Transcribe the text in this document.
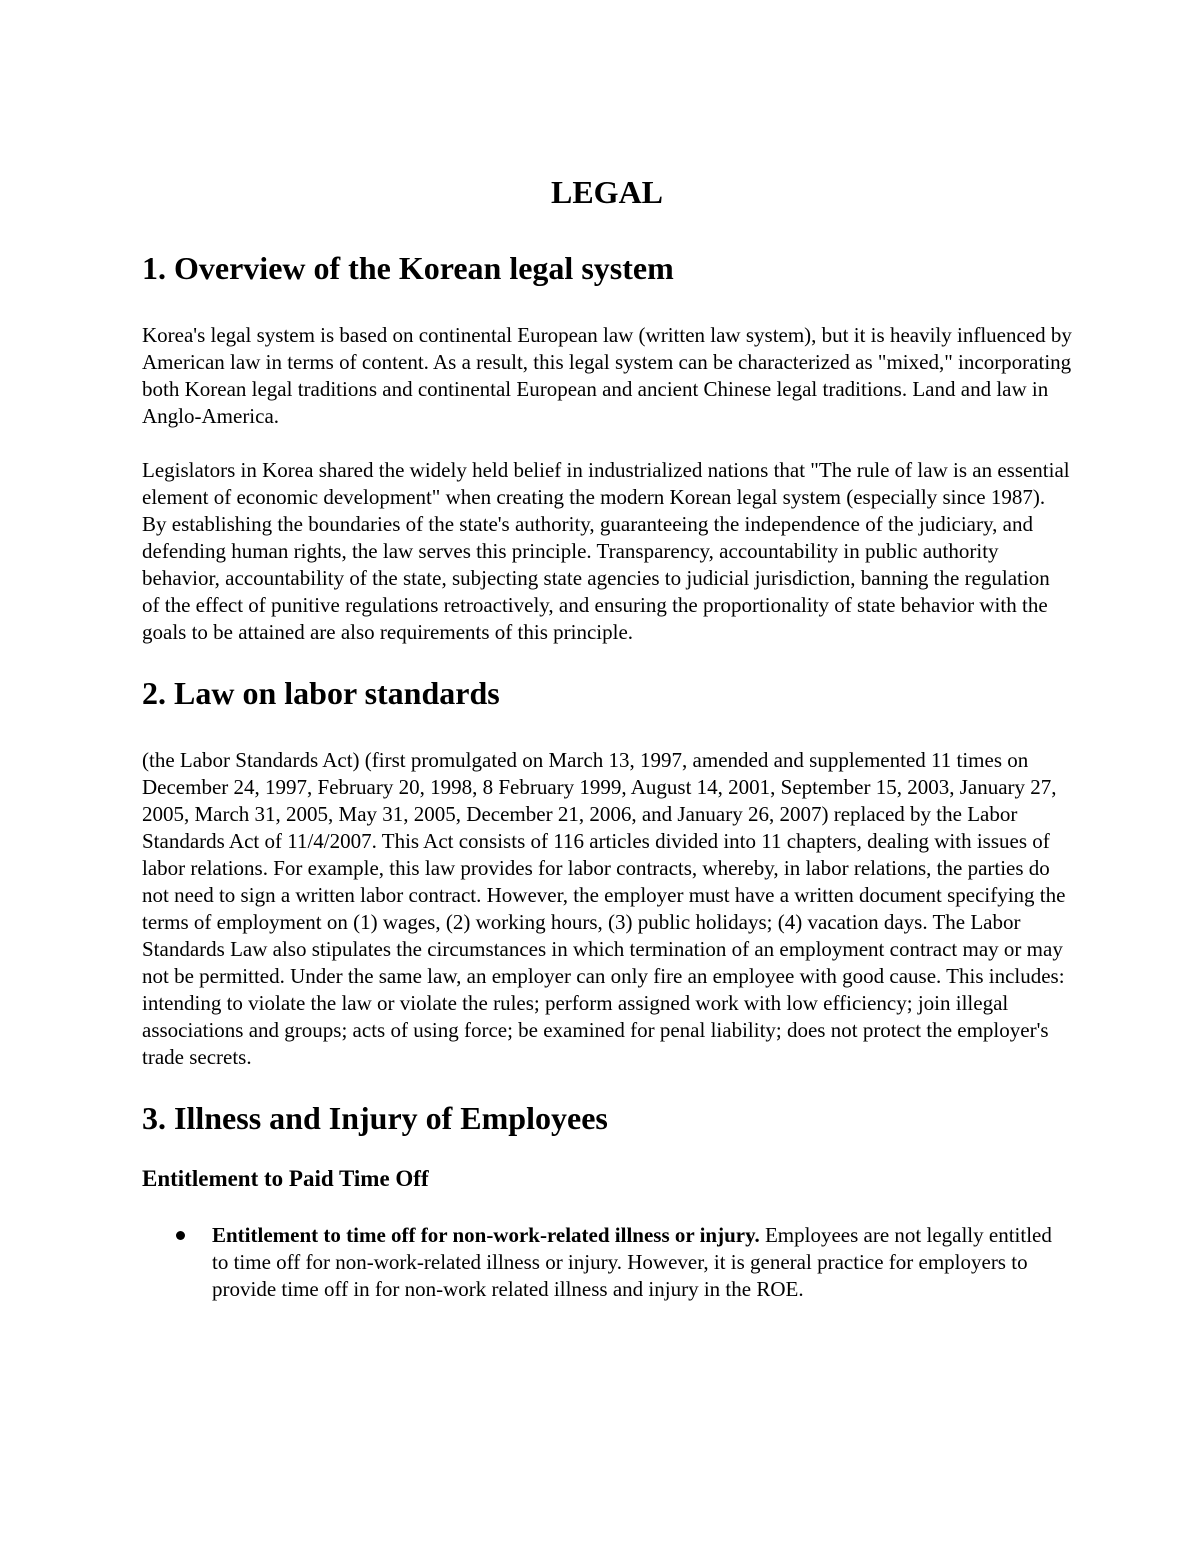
LEGAL
1. Overview of the Korean legal system

Korea's legal system is based on continental European law (written law system), but it is heavily influenced by American law in terms of content. As a result, this legal system can be characterized as "mixed," incorporating both Korean legal traditions and continental European and ancient Chinese legal traditions. Land and law in Anglo-America.

Legislators in Korea shared the widely held belief in industrialized nations that "The rule of law is an essential element of economic development" when creating the modern Korean legal system (especially since 1987). By establishing the boundaries of the state's authority, guaranteeing the independence of the judiciary, and defending human rights, the law serves this principle. Transparency, accountability in public authority behavior, accountability of the state, subjecting state agencies to judicial jurisdiction, banning the regulation of the effect of punitive regulations retroactively, and ensuring the proportionality of state behavior with the goals to be attained are also requirements of this principle.

2. Law on labor standards

(the Labor Standards Act) (first promulgated on March 13, 1997, amended and supplemented 11 times on December 24, 1997, February 20, 1998, 8 February 1999, August 14, 2001, September 15, 2003, January 27, 2005, March 31, 2005, May 31, 2005, December 21, 2006, and January 26, 2007) replaced by the Labor Standards Act of 11/4/2007. This Act consists of 116 articles divided into 11 chapters, dealing with issues of labor relations. For example, this law provides for labor contracts, whereby, in labor relations, the parties do not need to sign a written labor contract. However, the employer must have a written document specifying the terms of employment on (1) wages, (2) working hours, (3) public holidays; (4) vacation days. The Labor Standards Law also stipulates the circumstances in which termination of an employment contract may or may not be permitted. Under the same law, an employer can only fire an employee with good cause. This includes: intending to violate the law or violate the rules; perform assigned work with low efficiency; join illegal associations and groups; acts of using force; be examined for penal liability; does not protect the employer's trade secrets.

3. Illness and Injury of Employees
Entitlement to Paid Time Off
Entitlement to time off for non-work-related illness or injury. Employees are not legally entitled to time off for non-work-related illness or injury. However, it is general practice for employers to provide time off in for non-work related illness and injury in the ROE.
